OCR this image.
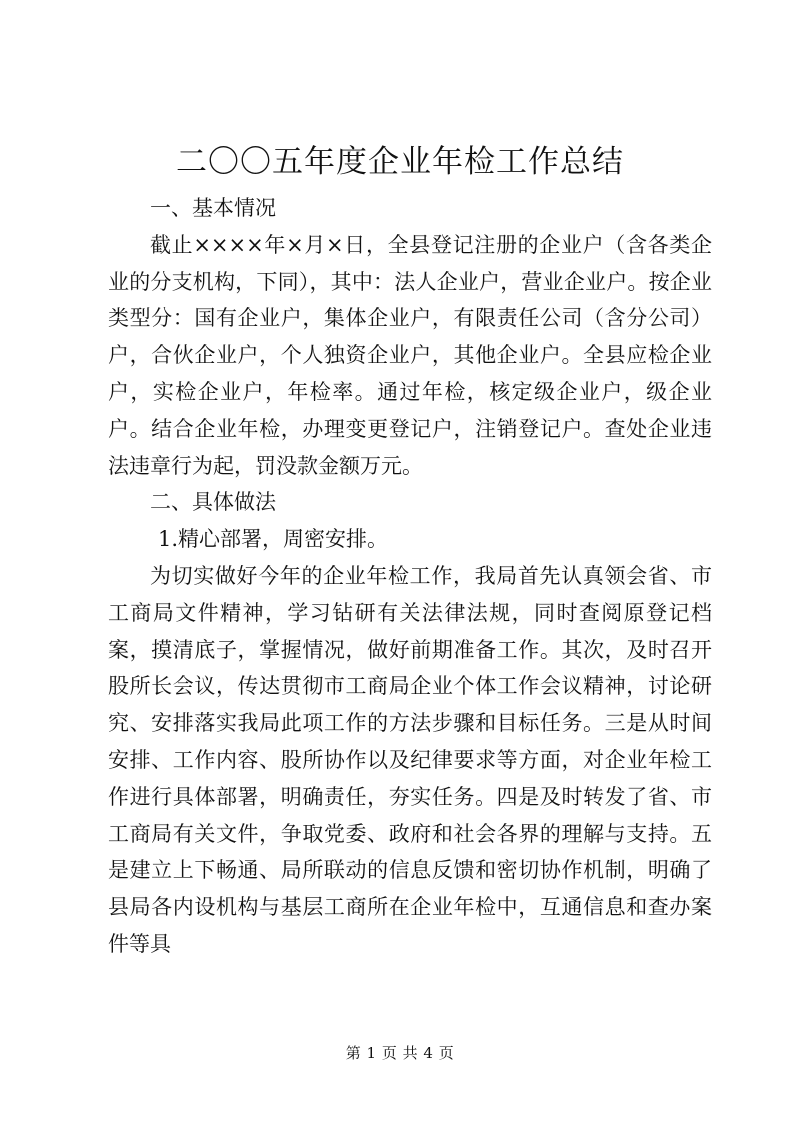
二〇〇五年度企业年检工作总结

一、基本情况

截止××××年×月×日，全县登记注册的企业户（含各类企业的分支机构，下同），其中：法人企业户，营业企业户。按企业类型分：国有企业户，集体企业户，有限责任公司（含分公司）户，合伙企业户，个人独资企业户，其他企业户。全县应检企业户，实检企业户，年检率。通过年检，核定级企业户，级企业户。结合企业年检，办理变更登记户，注销登记户。查处企业违法违章行为起，罚没款金额万元。

二、具体做法

1.精心部署，周密安排。

为切实做好今年的企业年检工作，我局首先认真领会省、市工商局文件精神，学习钻研有关法律法规，同时查阅原登记档案，摸清底子，掌握情况，做好前期准备工作。其次，及时召开股所长会议，传达贯彻市工商局企业个体工作会议精神，讨论研究、安排落实我局此项工作的方法步骤和目标任务。三是从时间安排、工作内容、股所协作以及纪律要求等方面，对企业年检工作进行具体部署，明确责任，夯实任务。四是及时转发了省、市工商局有关文件，争取党委、政府和社会各界的理解与支持。五是建立上下畅通、局所联动的信息反馈和密切协作机制，明确了县局各内设机构与基层工商所在企业年检中，互通信息和查办案件等具

第 1 页 共 4 页
